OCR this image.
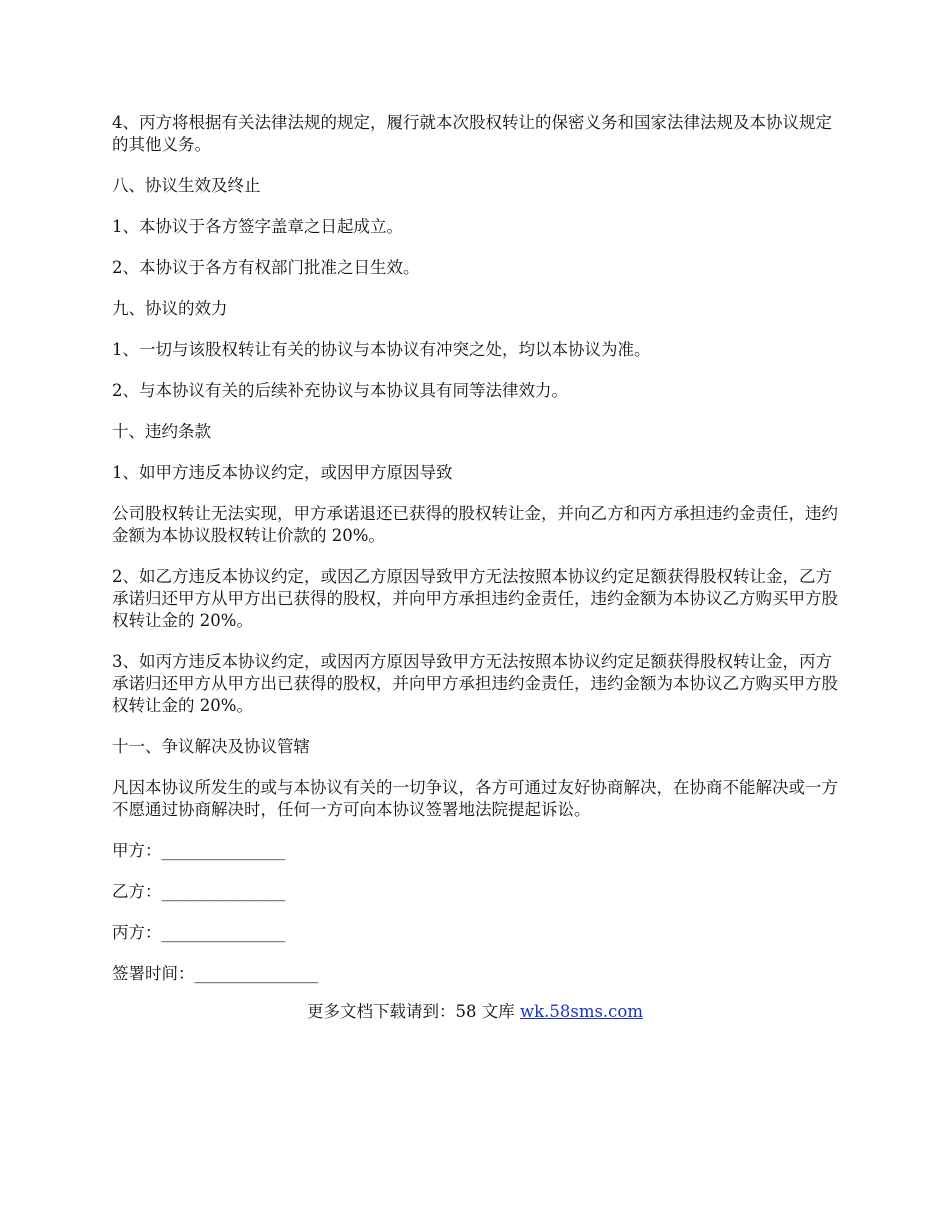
4、丙方将根据有关法律法规的规定，履行就本次股权转让的保密义务和国家法律法规及本协议规定的其他义务。

八、协议生效及终止

1、本协议于各方签字盖章之日起成立。

2、本协议于各方有权部门批准之日生效。

九、协议的效力

1、一切与该股权转让有关的协议与本协议有冲突之处，均以本协议为准。

2、与本协议有关的后续补充协议与本协议具有同等法律效力。

十、违约条款

1、如甲方违反本协议约定，或因甲方原因导致

公司股权转让无法实现，甲方承诺退还已获得的股权转让金，并向乙方和丙方承担违约金责任，违约金额为本协议股权转让价款的 20%。

2、如乙方违反本协议约定，或因乙方原因导致甲方无法按照本协议约定足额获得股权转让金，乙方承诺归还甲方从甲方出已获得的股权，并向甲方承担违约金责任，违约金额为本协议乙方购买甲方股权转让金的 20%。

3、如丙方违反本协议约定，或因丙方原因导致甲方无法按照本协议约定足额获得股权转让金，丙方承诺归还甲方从甲方出已获得的股权，并向甲方承担违约金责任，违约金额为本协议乙方购买甲方股权转让金的 20%。

十一、争议解决及协议管辖

凡因本协议所发生的或与本协议有关的一切争议，各方可通过友好协商解决，在协商不能解决或一方不愿通过协商解决时，任何一方可向本协议签署地法院提起诉讼。

甲方：_______________

乙方：_______________

丙方：_______________

签署时间：_______________

更多文档下载请到：58 文库 wk.58sms.com
